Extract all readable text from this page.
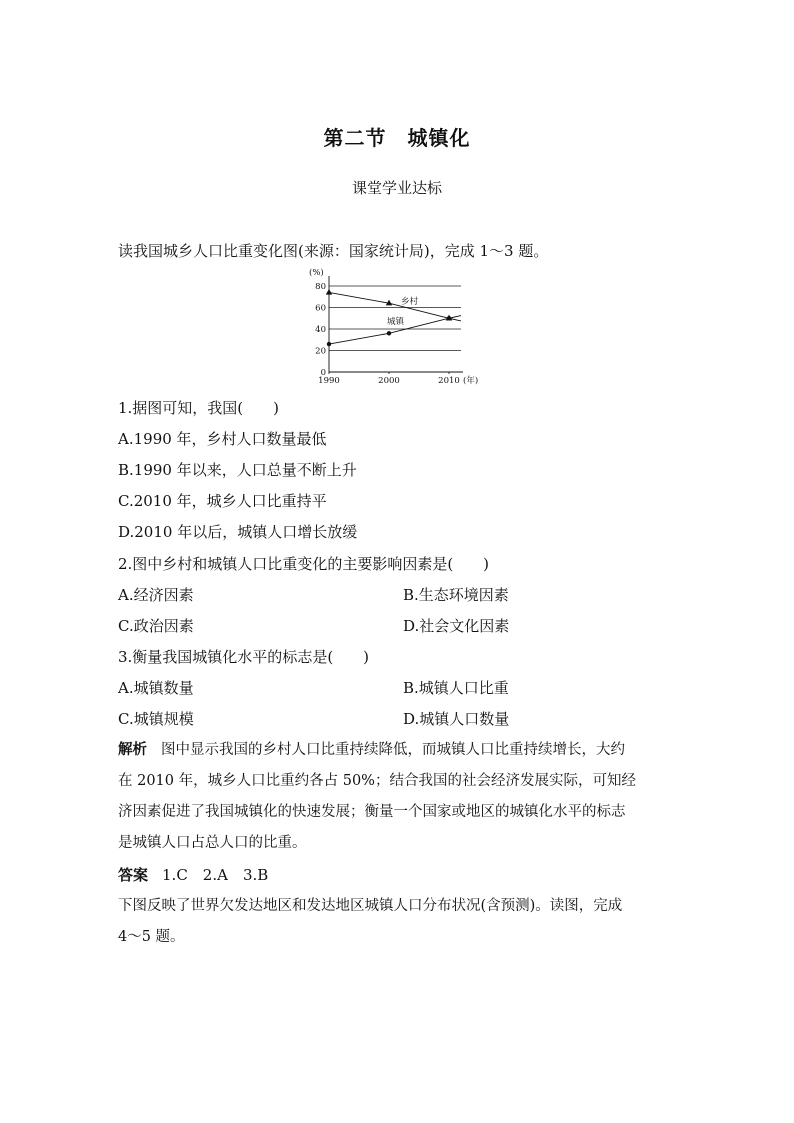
第二节　城镇化
课堂学业达标
读我国城乡人口比重变化图(来源：国家统计局)，完成 1～3 题。
0
20
40
60
80
(%)
1990	2000	2010 (年)
乡村
城镇
1.据图可知，我国(　　)
A.1990 年，乡村人口数量最低
B.1990 年以来，人口总量不断上升
C.2010 年，城乡人口比重持平
D.2010 年以后，城镇人口增长放缓
2.图中乡村和城镇人口比重变化的主要影响因素是(　　)
A.经济因素	B.生态环境因素
C.政治因素	D.社会文化因素
3.衡量我国城镇化水平的标志是(　　)
A.城镇数量	B.城镇人口比重
C.城镇规模	D.城镇人口数量
解析 图中显示我国的乡村人口比重持续降低，而城镇人口比重持续增长，大约
在 2010 年，城乡人口比重约各占 50%；结合我国的社会经济发展实际，可知经
济因素促进了我国城镇化的快速发展；衡量一个国家或地区的城镇化水平的标志
是城镇人口占总人口的比重。
答案 1.C　2.A　3.B
下图反映了世界欠发达地区和发达地区城镇人口分布状况(含预测)。读图，完成
4～5 题。
